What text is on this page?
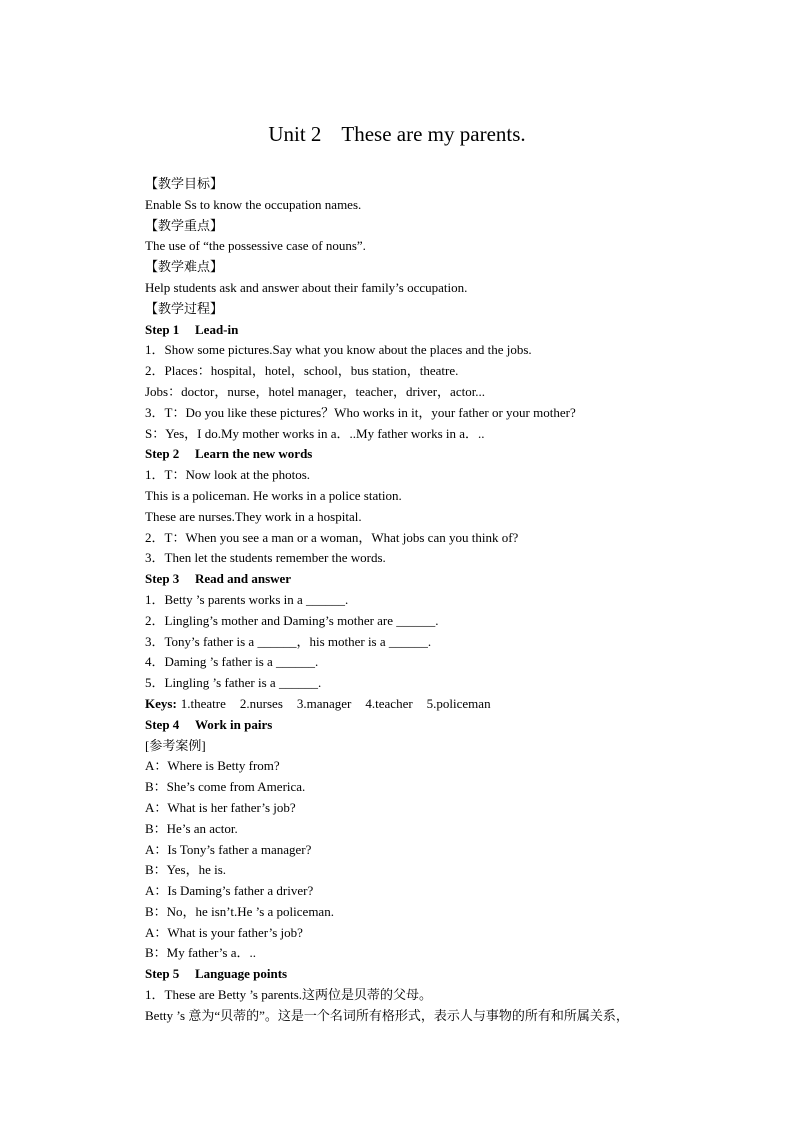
Unit 2 These are my parents.
【教学目标】
Enable Ss to know the occupation names.
【教学重点】
The use of “the possessive case of nouns”.
【教学难点】
Help students ask and answer about their family’s occupation.
【教学过程】
Step 1 Lead-in
1．Show some pictures.Say what you know about the places and the jobs.
2．Places：hospital，hotel，school，bus station，theatre.
Jobs：doctor，nurse，hotel manager，teacher，driver，actor...
3．T：Do you like these pictures？Who works in it，your father or your mother?
S：Yes，I do.My mother works in a．..My father works in a．..
Step 2 Learn the new words
1．T：Now look at the photos.
This is a policeman. He works in a police station.
These are nurses.They work in a hospital.
2．T：When you see a man or a woman，What jobs can you think of?
3．Then let the students remember the words.
Step 3 Read and answer
1．Betty ’s parents works in a ______.
2．Lingling’s mother and Daming’s mother are ______.
3．Tony’s father is a ______，his mother is a ______.
4．Daming ’s father is a ______.
5．Lingling ’s father is a ______.
Keys: 1.theatre 2.nurses 3.manager 4.teacher 5.policeman
Step 4 Work in pairs
[参考案例]
A：Where is Betty from?
B：She’s come from America.
A：What is her father’s job?
B：He’s an actor.
A：Is Tony’s father a manager?
B：Yes，he is.
A：Is Daming’s father a driver?
B：No，he isn’t.He ’s a policeman.
A：What is your father’s job?
B：My father’s a．..
Step 5 Language points
1．These are Betty ’s parents.这两位是贝蒂的父母。
Betty ’s 意为“贝蒂的”。这是一个名词所有格形式，表示人与事物的所有和所属关系，
